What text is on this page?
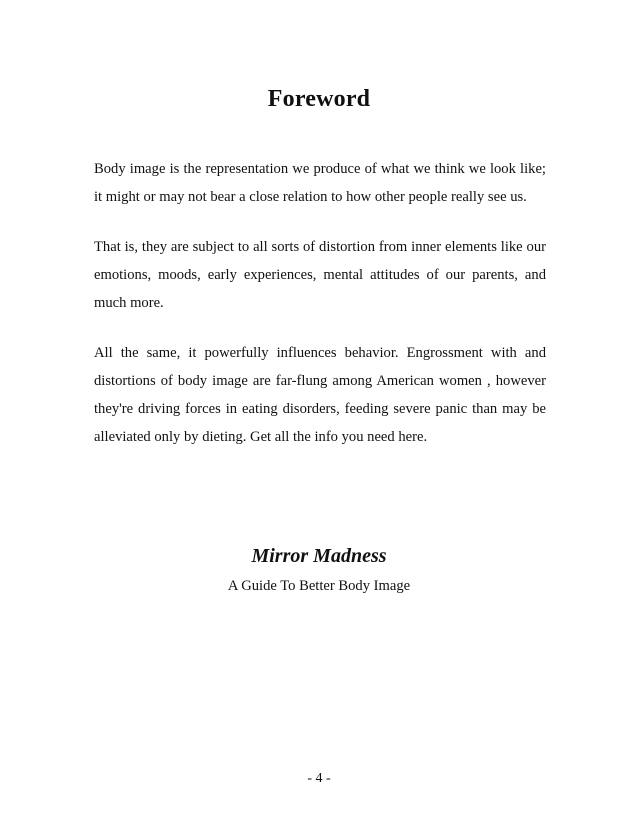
Foreword

Body image is the representation we produce of what we think we look like; it might or may not bear a close relation to how other people really see us.

That is, they are subject to all sorts of distortion from inner elements like our emotions, moods, early experiences, mental attitudes of our parents, and much more.

All the same, it powerfully influences behavior. Engrossment with and distortions of body image are far-flung among American women , however they're driving forces in eating disorders, feeding severe panic than may be alleviated only by dieting. Get all the info you need here.

Mirror Madness

A Guide To Better Body Image

- 4 -
